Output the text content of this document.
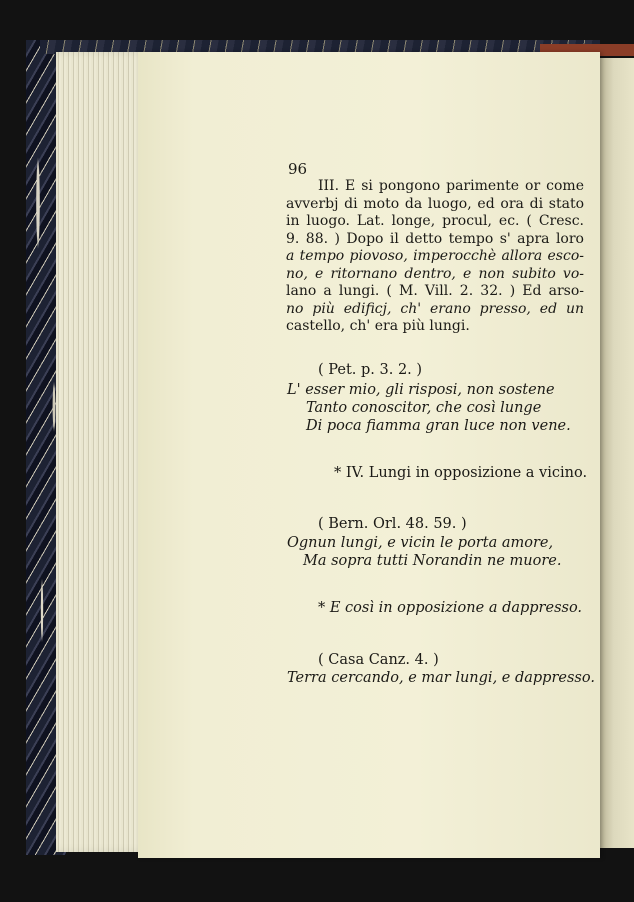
96
III. E si pongono parimente or come
avverbj di moto da luogo, ed ora di stato
in luogo. Lat. longe, procul, ec. ( Cresc.
9. 88. ) Dopo il detto tempo s' apra loro
a tempo piovoso, imperocchè allora esco-
no, e ritornano dentro, e non subito vo-
lano a lungi. ( M. Vill. 2. 32. ) Ed arso-
no più edificj, ch' erano presso, ed un
castello, ch' era più lungi.
( Pet. p. 3. 2. )
L' esser mio, gli risposi, non sostene
Tanto conoscitor, che così lunge
Di poca fiamma gran luce non vene.
* IV. Lungi in opposizione a vicino.
( Bern. Orl. 48. 59. )
Ognun lungi, e vicin le porta amore,
Ma sopra tutti Norandin ne muore.
* E così in opposizione a dappresso.
( Casa Canz. 4. )
Terra cercando, e mar lungi, e dappresso.
